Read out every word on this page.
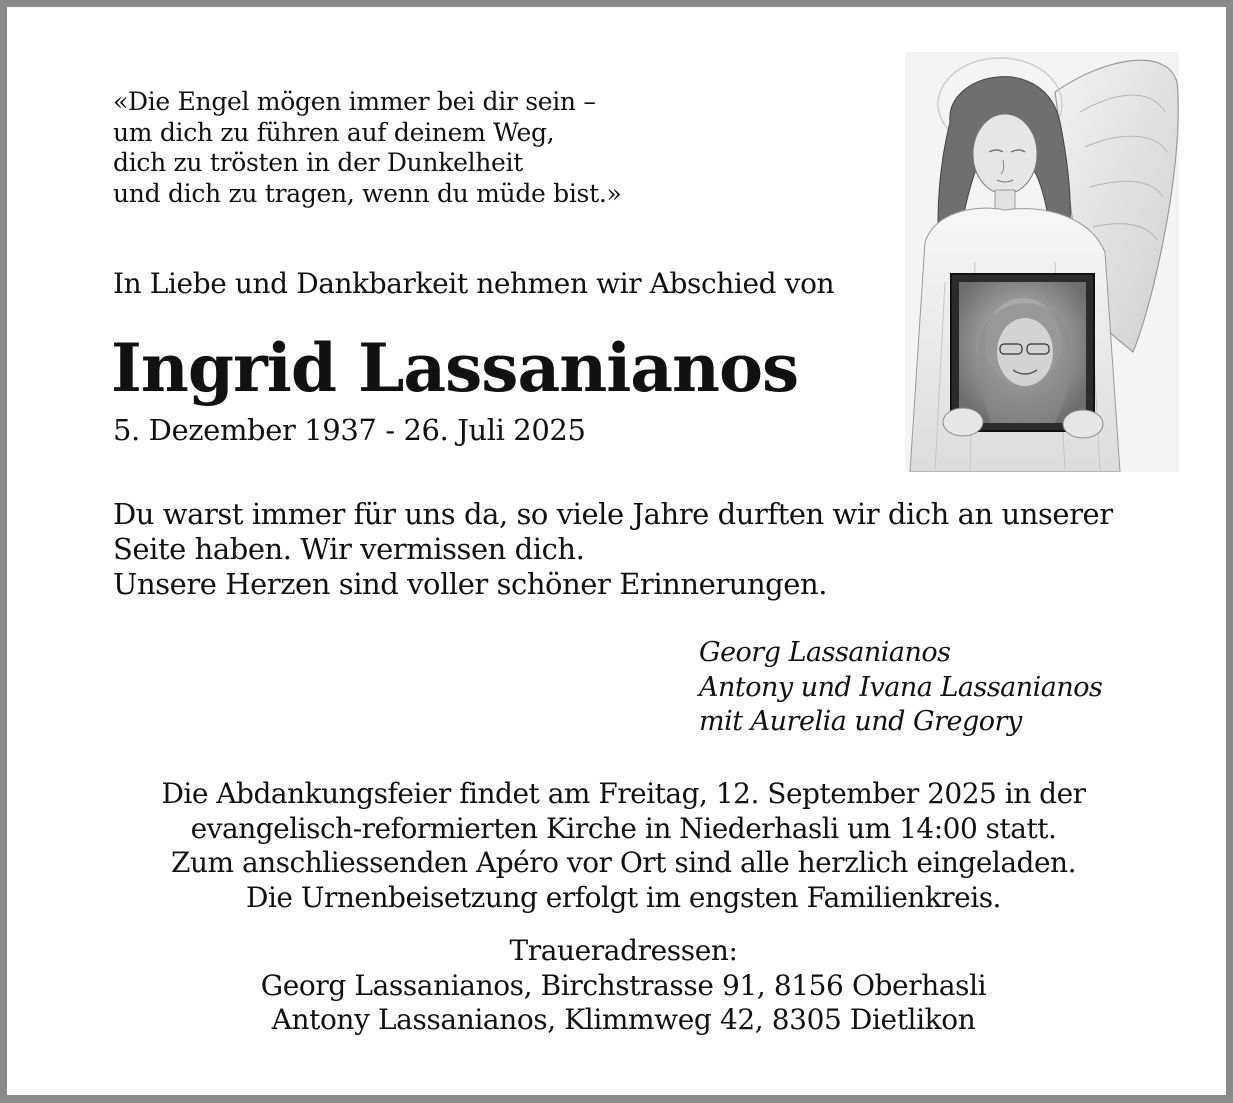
«Die Engel mögen immer bei dir sein –
um dich zu führen auf deinem Weg,
dich zu trösten in der Dunkelheit
und dich zu tragen, wenn du müde bist.»
In Liebe und Dankbarkeit nehmen wir Abschied von
Ingrid Lassanianos
5. Dezember 1937 - 26. Juli 2025
Du warst immer für uns da, so viele Jahre durften wir dich an unserer
Seite haben. Wir vermissen dich.
Unsere Herzen sind voller schöner Erinnerungen.
Georg Lassanianos
Antony und Ivana Lassanianos
mit Aurelia und Gregory
Die Abdankungsfeier findet am Freitag, 12. September 2025 in der
evangelisch-reformierten Kirche in Niederhasli um 14:00 statt.
Zum anschliessenden Apéro vor Ort sind alle herzlich eingeladen.
Die Urnenbeisetzung erfolgt im engsten Familienkreis.
Traueradressen:
Georg Lassanianos, Birchstrasse 91, 8156 Oberhasli
Antony Lassanianos, Klimmweg 42, 8305 Dietlikon
